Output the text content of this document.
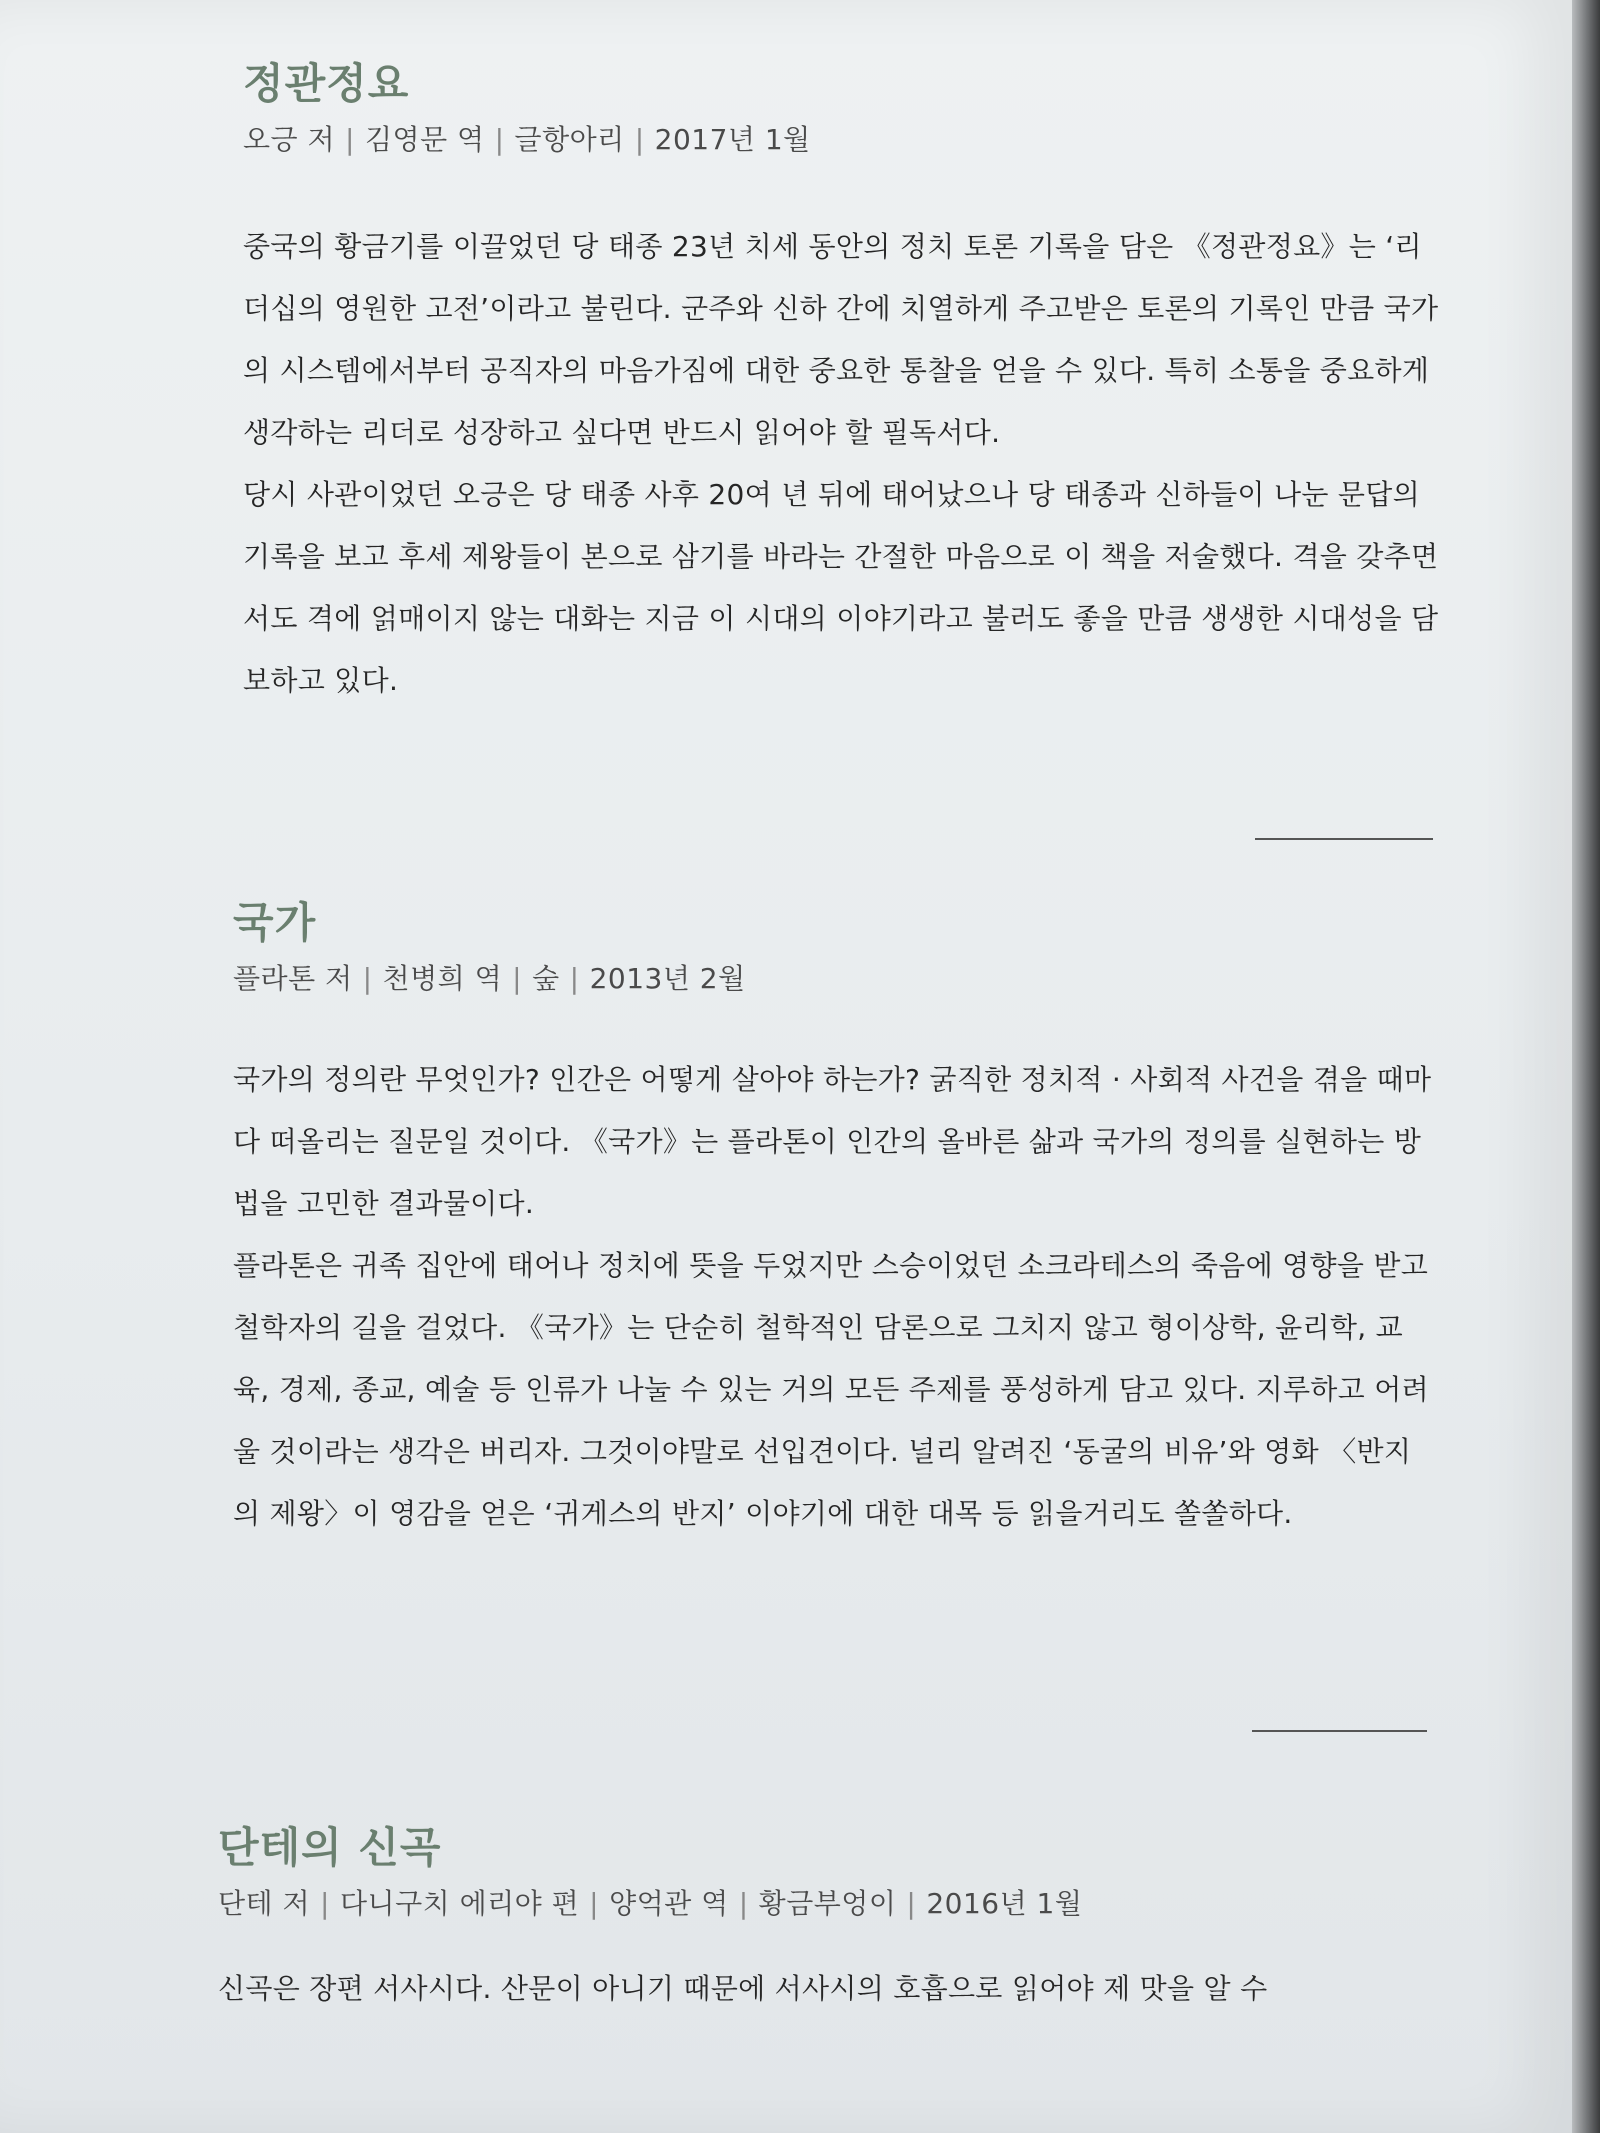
정관정요
오긍 저 | 김영문 역 | 글항아리 | 2017년 1월

중국의 황금기를 이끌었던 당 태종 23년 치세 동안의 정치 토론 기록을 담은 《정관정요》는 ‘리더십의 영원한 고전’이라고 불린다. 군주와 신하 간에 치열하게 주고받은 토론의 기록인 만큼 국가의 시스템에서부터 공직자의 마음가짐에 대한 중요한 통찰을 얻을 수 있다. 특히 소통을 중요하게 생각하는 리더로 성장하고 싶다면 반드시 읽어야 할 필독서다.

당시 사관이었던 오긍은 당 태종 사후 20여 년 뒤에 태어났으나 당 태종과 신하들이 나눈 문답의 기록을 보고 후세 제왕들이 본으로 삼기를 바라는 간절한 마음으로 이 책을 저술했다. 격을 갖추면서도 격에 얽매이지 않는 대화는 지금 이 시대의 이야기라고 불러도 좋을 만큼 생생한 시대성을 담보하고 있다.

국가
플라톤 저 | 천병희 역 | 숲 | 2013년 2월

국가의 정의란 무엇인가? 인간은 어떻게 살아야 하는가? 굵직한 정치적 · 사회적 사건을 겪을 때마다 떠올리는 질문일 것이다. 《국가》는 플라톤이 인간의 올바른 삶과 국가의 정의를 실현하는 방법을 고민한 결과물이다.

플라톤은 귀족 집안에 태어나 정치에 뜻을 두었지만 스승이었던 소크라테스의 죽음에 영향을 받고 철학자의 길을 걸었다. 《국가》는 단순히 철학적인 담론으로 그치지 않고 형이상학, 윤리학, 교육, 경제, 종교, 예술 등 인류가 나눌 수 있는 거의 모든 주제를 풍성하게 담고 있다. 지루하고 어려울 것이라는 생각은 버리자. 그것이야말로 선입견이다. 널리 알려진 ‘동굴의 비유’와 영화 〈반지의 제왕〉이 영감을 얻은 ‘귀게스의 반지’ 이야기에 대한 대목 등 읽을거리도 쏠쏠하다.

단테의 신곡
단테 저 | 다니구치 에리야 편 | 양억관 역 | 황금부엉이 | 2016년 1월

신곡은 장편 서사시다. 산문이 아니기 때문에 서사시의 호흡으로 읽어야 제 맛을 알 수
